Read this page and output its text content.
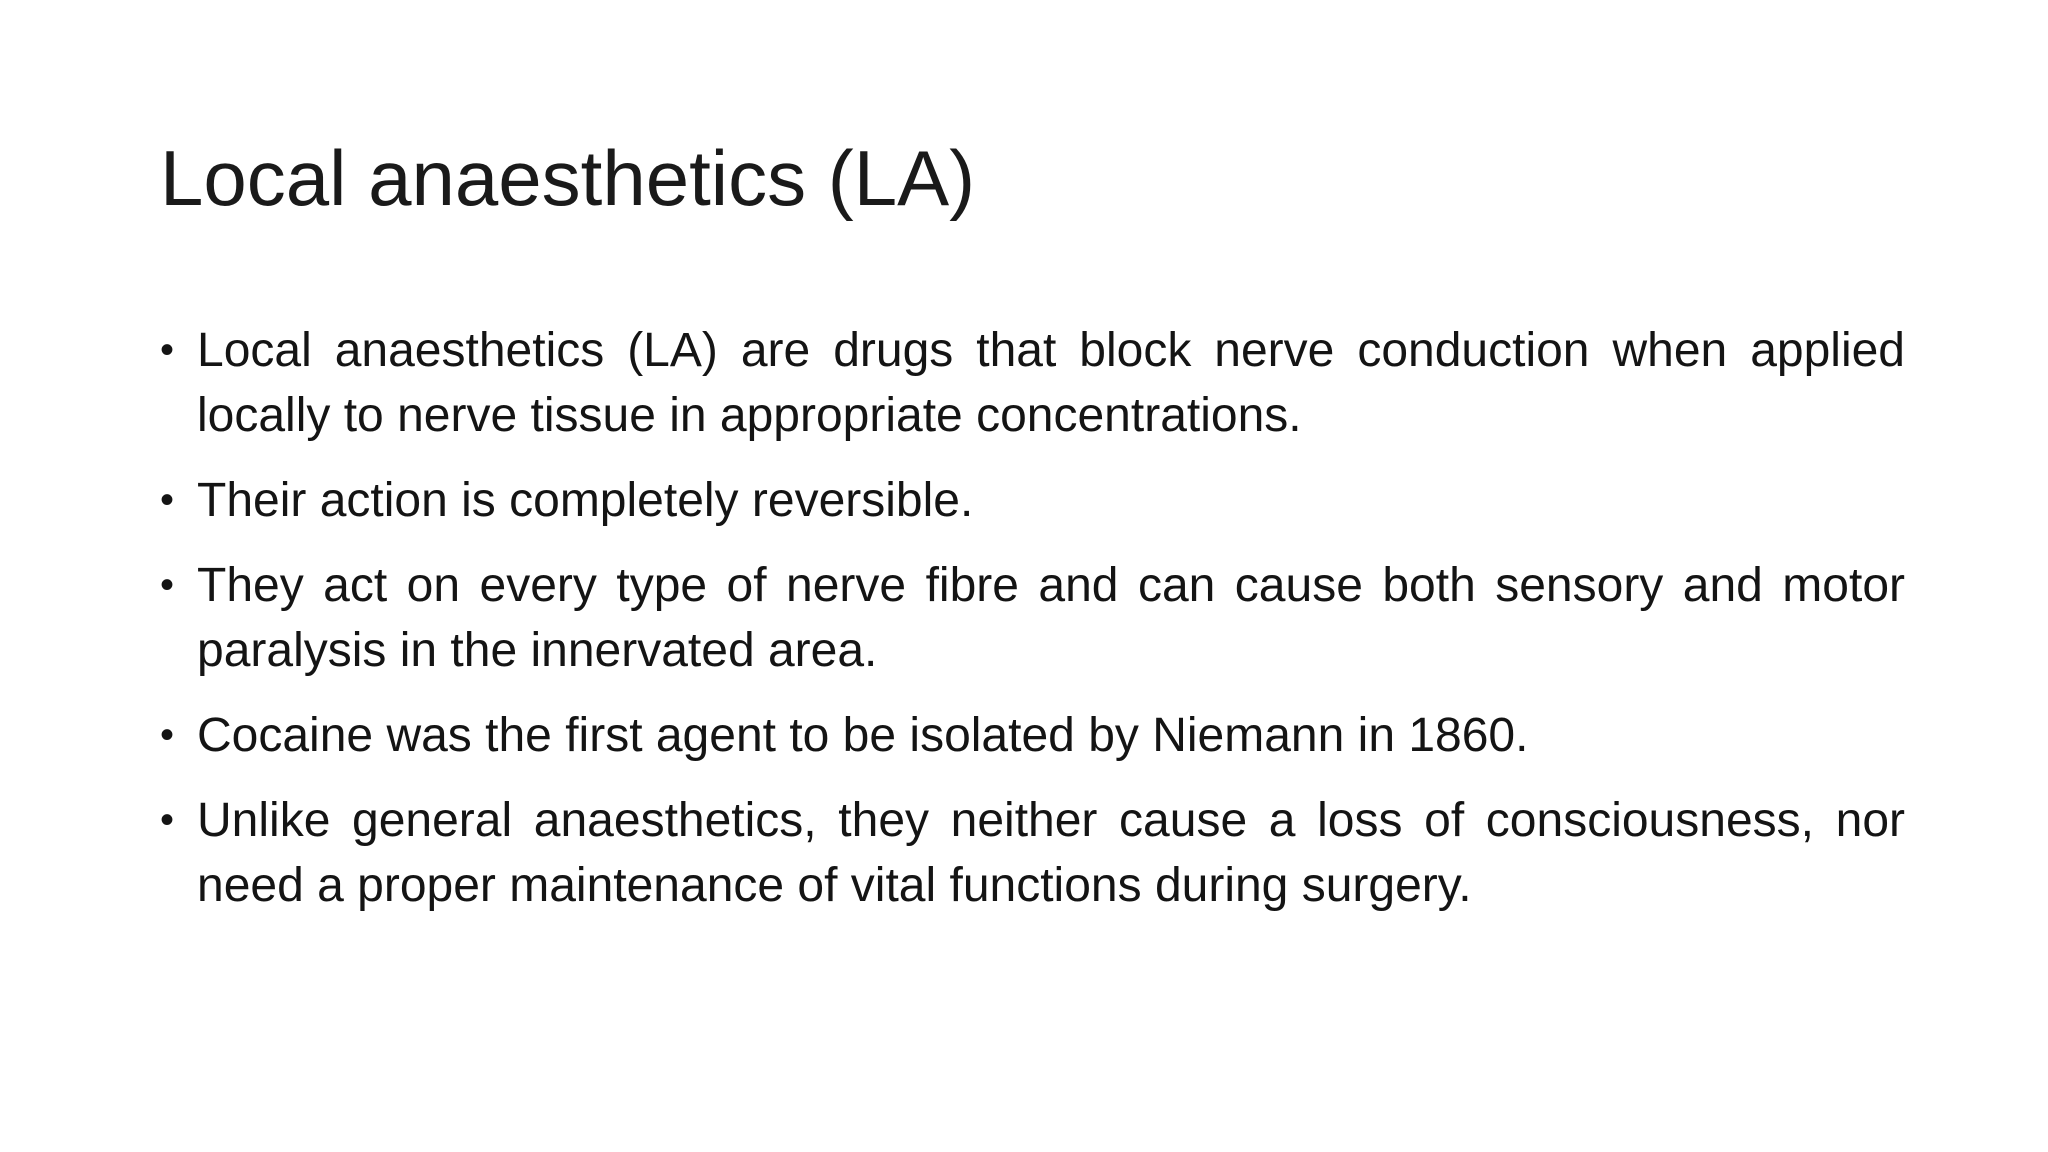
Local anaesthetics (LA)
• Local anaesthetics (LA) are drugs that block nerve conduction when applied locally to nerve tissue in appropriate concentrations.
• Their action is completely reversible.
• They act on every type of nerve fibre and can cause both sensory and motor paralysis in the innervated area.
• Cocaine was the first agent to be isolated by Niemann in 1860.
• Unlike general anaesthetics, they neither cause a loss of consciousness, nor need a proper maintenance of vital functions during surgery.
